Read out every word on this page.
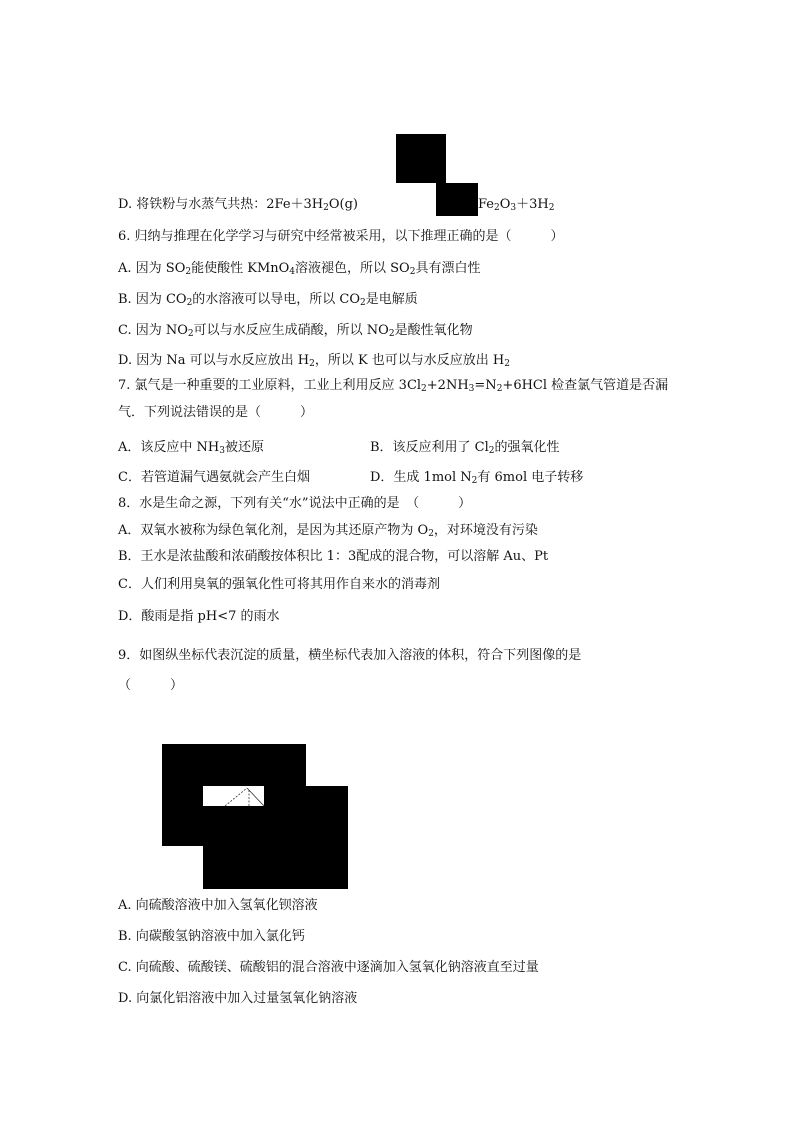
D. 将铁粉与水蒸气共热：$2Fe+3H_2O(g)$	$Fe_2O_3+3H_2$
6. 归纳与推理在化学学习与研究中经常被采用，以下推理正确的是（　　　）
A. 因为 $SO_2$能使酸性 KMnO$_4$溶液褪色，所以 $SO_2$具有漂白性
B. 因为 $CO_2$的水溶液可以导电，所以 $CO_2$是电解质
C. 因为 $NO_2$可以与水反应生成硝酸，所以 $NO_2$是酸性氧化物
D. 因为 Na 可以与水反应放出 $H_2$，所以 K 也可以与水反应放出 $H_2$
7. 氯气是一种重要的工业原料，工业上利用反应 $3Cl_2+2NH_3=N_2+6HCl$ 检查氯气管道是否漏
气．下列说法错误的是（　　　）
A．该反应中 $NH_3$被还原	B．该反应利用了 $Cl_2$的强氧化性
C．若管道漏气遇氨就会产生白烟	D．生成 1mol $N_2$有 6mol 电子转移
8．水是生命之源，下列有关“水”说法中正确的是　（　　　）
A．双氧水被称为绿色氧化剂，是因为其还原产物为 $O_2$，对环境没有污染
B．王水是浓盐酸和浓硝酸按体积比 1：3配成的混合物，可以溶解 Au、Pt
C．人们利用臭氧的强氧化性可将其用作自来水的消毒剂
D．酸雨是指 pH<7 的雨水
9．如图纵坐标代表沉淀的质量，横坐标代表加入溶液的体积，符合下列图像的是
（　　　）
A. 向硫酸溶液中加入氢氧化钡溶液
B. 向碳酸氢钠溶液中加入氯化钙
C. 向硫酸、硫酸镁、硫酸铝的混合溶液中逐滴加入氢氧化钠溶液直至过量
D. 向氯化铝溶液中加入过量氢氧化钠溶液
